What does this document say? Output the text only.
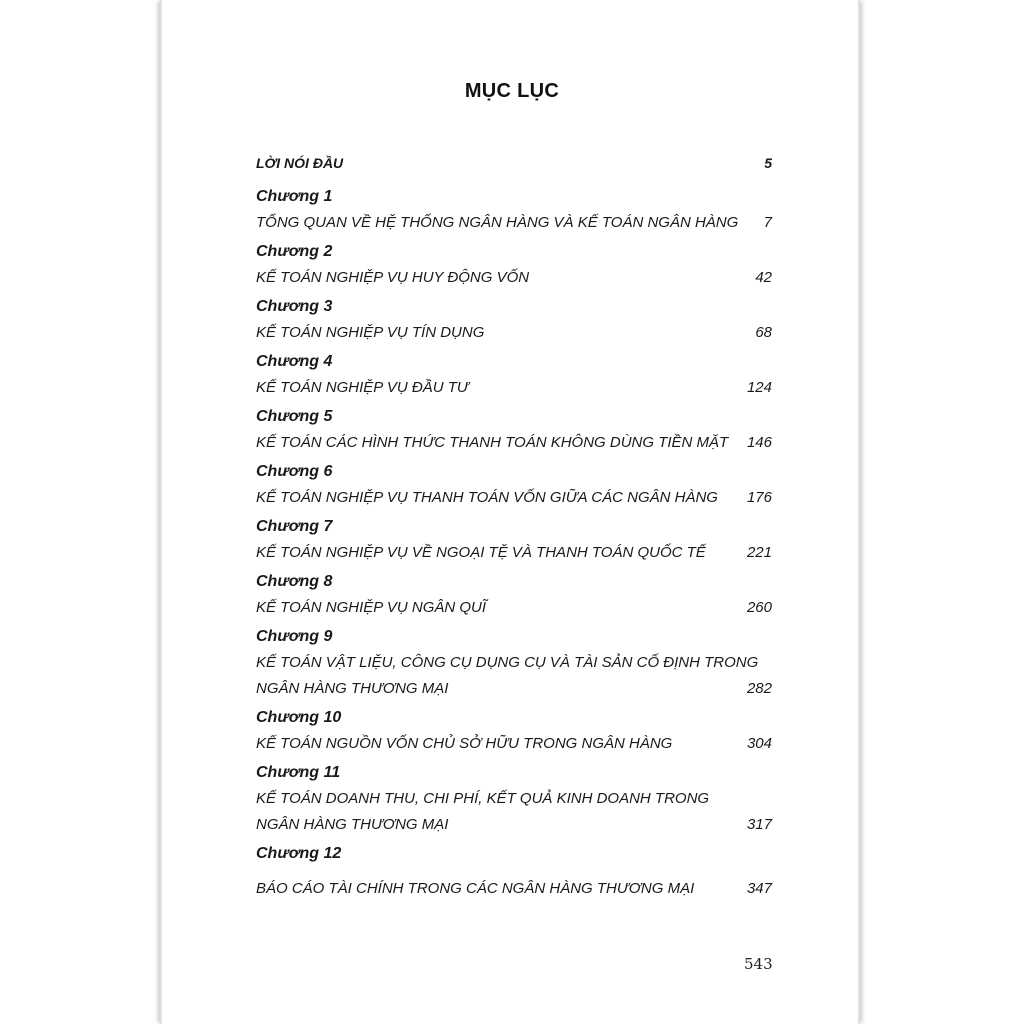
MỤC LỤC
LỜI NÓI ĐẦU	5
Chương 1
TỔNG QUAN VỀ HỆ THỐNG NGÂN HÀNG VÀ KẾ TOÁN NGÂN HÀNG	7
Chương 2
KẾ TOÁN NGHIỆP VỤ HUY ĐỘNG VỐN	42
Chương 3
KẾ TOÁN NGHIỆP VỤ TÍN DỤNG	68
Chương 4
KẾ TOÁN NGHIỆP VỤ ĐẦU TƯ	124
Chương 5
KẾ TOÁN CÁC HÌNH THỨC THANH TOÁN KHÔNG DÙNG TIỀN MẶT	146
Chương 6
KẾ TOÁN NGHIỆP VỤ THANH TOÁN VỐN GIỮA CÁC NGÂN HÀNG	176
Chương 7
KẾ TOÁN NGHIỆP VỤ VỀ NGOẠI TỆ VÀ THANH TOÁN QUỐC TẾ	221
Chương 8
KẾ TOÁN NGHIỆP VỤ NGÂN QUĨ	260
Chương 9
KẾ TOÁN VẬT LIỆU, CÔNG CỤ DỤNG CỤ VÀ TÀI SẢN CỐ ĐỊNH TRONG
NGÂN HÀNG THƯƠNG MẠI	282
Chương 10
KẾ TOÁN NGUỒN VỐN CHỦ SỞ HỮU TRONG NGÂN HÀNG	304
Chương 11
KẾ TOÁN DOANH THU, CHI PHÍ, KẾT QUẢ KINH DOANH TRONG
NGÂN HÀNG THƯƠNG MẠI	317
Chương 12
BÁO CÁO TÀI CHÍNH TRONG CÁC NGÂN HÀNG THƯƠNG MẠI	347
543
